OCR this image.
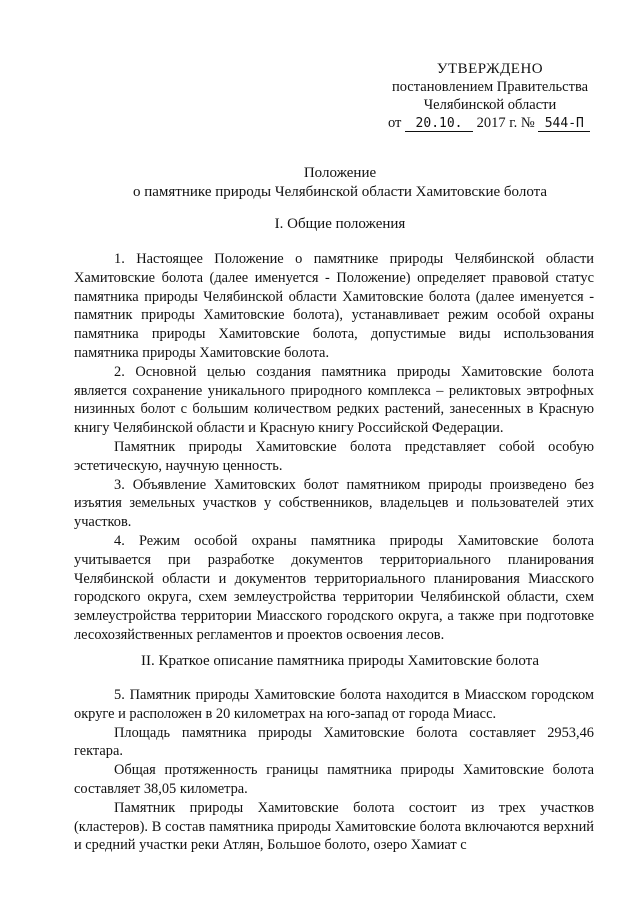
УТВЕРЖДЕНО
постановлением Правительства
Челябинской области
от 20.10. 2017 г. № 544-П
Положение
о памятнике природы Челябинской области Хамитовские болота
I. Общие положения

1. Настоящее Положение о памятнике природы Челябинской области Хамитовские болота (далее именуется - Положение) определяет правовой статус памятника природы Челябинской области Хамитовские болота (далее именуется - памятник природы Хамитовские болота), устанавливает режим особой охраны памятника природы Хамитовские болота, допустимые виды использования памятника природы Хамитовские болота.

2. Основной целью создания памятника природы Хамитовские болота является сохранение уникального природного комплекса – реликтовых эвтрофных низинных болот с большим количеством редких растений, занесенных в Красную книгу Челябинской области и Красную книгу Российской Федерации.

Памятник природы Хамитовские болота представляет собой особую эстетическую, научную ценность.

3. Объявление Хамитовских болот памятником природы произведено без изъятия земельных участков у собственников, владельцев и пользователей этих участков.

4. Режим особой охраны памятника природы Хамитовские болота учитывается при разработке документов территориального планирования Челябинской области и документов территориального планирования Миасского городского округа, схем землеустройства территории Челябинской области, схем землеустройства территории Миасского городского округа, а также при подготовке лесохозяйственных регламентов и проектов освоения лесов.

II. Краткое описание памятника природы Хамитовские болота

5. Памятник природы Хамитовские болота находится в Миасском городском округе и расположен в 20 километрах на юго-запад от города Миасс.

Площадь памятника природы Хамитовские болота составляет 2953,46 гектара.

Общая протяженность границы памятника природы Хамитовские болота составляет 38,05 километра.

Памятник природы Хамитовские болота состоит из трех участков (кластеров). В состав памятника природы Хамитовские болота включаются верхний и средний участки реки Атлян, Большое болото, озеро Хамиат с
